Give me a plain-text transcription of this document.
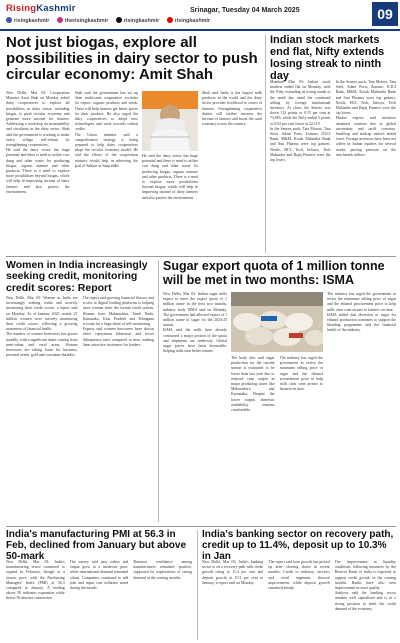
RisingKashmir
risingkashmir	therisingkashmir	risingkashmir	risingkashmir
Srinagar, Tuesday 04 March 2025	09
Not just biogas, explore all possibilities in dairy sector to push circular economy: Amit Shah

New Delhi, Mar 03: Cooperation Minister Amit Shah on Monday asked dairy cooperatives to explore all possibilities in dairy sector, including biogas, to push circular economy and generate more income for farmers. Addressing a workshop on sustainability and circularity in the dairy sector, Shah said the government is working to make every village self-reliant by strengthening cooperatives.

He said the dairy sector has huge potential and there is need to utilise cow dung and other waste for producing biogas, organic manure and other products. There is a need to explore more possibilities beyond biogas, which will help in improving income of dairy farmers and also protect the environment.

Shah said the government has set up three multi-state cooperative societies for export, organic products and seeds. These will help farmers get better prices for their produce. He also urged the dairy cooperatives to adopt new technologies and work towards carbon credits.

The Union minister said a comprehensive strategy is being prepared to help dairy cooperatives adopt the circular economy model. He said the efforts of the cooperation ministry would help in achieving the goal of Sahkar se Samriddhi.

Shah said India is the largest milk producer in the world and the dairy sector provides livelihood to crores of farmers. Strengthening cooperative dairies will further increase the income of farmers and boost the rural economy across the country.

He said the dairy sector has huge potential and there is need to utilise cow dung and other waste for producing biogas, organic manure and other products. There is a need to explore more possibilities beyond biogas, which will help in improving income of dairy farmers and also protect the environment.

Indian stock markets end flat, Nifty extends losing streak to ninth day

Mumbai, Mar 03: Indian stock markets ended flat on Monday, with the Nifty extending its losing streak to the ninth day amid the continued selling by foreign institutional investors. At close, the Sensex was down 112 points or 0.15 per cent at 73,085, while the Nifty ended 5 points or 0.02 per cent lower at 22,119.

In the Sensex pack, Tata Motors, Tata Steel, Adani Ports, Zomato, ICICI Bank, M&M, Kotak Mahindra Bank and Sun Pharma were top gainers. Nestle, HCL Tech, Infosys, Tech Mahindra and Bajaj Finance were the top losers.

In the Sensex pack, Tata Motors, Tata Steel, Adani Ports, Zomato, ICICI Bank, M&M, Kotak Mahindra Bank and Sun Pharma were top gainers. Nestle, HCL Tech, Infosys, Tech Mahindra and Bajaj Finance were the top losers.

Market experts said investors remained cautious due to global uncertainty and tariff concerns. Smallcap and midcap indices ended lower. Foreign investors have been net sellers in Indian equities for several weeks, putting pressure on the benchmark indices.

Women in India increasingly seeking credit, monitoring credit scores: Report

New Delhi, Mar 03: Women in India are increasingly seeking credit and actively monitoring their credit scores, a report said on Monday. As of January 2025, nearly 27 million women were actively monitoring their credit scores, reflecting a growing awareness of financial health.

The number of women borrowers has grown steadily, with a significant share coming from semi-urban and rural areas. Women borrowers are taking loans for business, personal needs, gold and consumer durables.

The report said growing financial literacy and access to digital lending platforms is helping more women enter the formal credit system. Women from Maharashtra, Tamil Nadu, Karnataka, Uttar Pradesh and Telangana account for a large share of self-monitoring.

Experts said women borrowers have shown better repayment behaviour and lower delinquency rates compared to men, making them attractive customers for lenders.

Sugar export quota of 1 million tonne will be met in two months: ISMA

New Delhi, Mar 03: Indian sugar mills expect to meet the export quota of 1 million tonne in the next two months, industry body ISMA said on Monday. The government had allowed export of 1 million tonne of sugar for the 2024-25 season.

ISMA said the mills have already contracted a major portion of the quota and shipments are underway. Global sugar prices have been favourable, helping mills earn better returns.

The industry has urged the government to revise the minimum selling price of sugar and the ethanol procurement price to help mills clear cane arrears to farmers on time.

ISMA added that diversion of sugar for ethanol production continues to support the blending programme and the financial health of the industry.

The body also said sugar production for the current season is estimated to be lower than last year due to reduced cane output in major producing states like Maharashtra and Karnataka. Despite the lower output, domestic availability remains comfortable.

The industry has urged the government to revise the minimum selling price of sugar and the ethanol procurement price to help mills clear cane arrears to farmers on time.

India's manufacturing PMI at 56.3 in Feb, declined from January but above 50-mark

New Delhi, Mar 03: India's manufacturing sector continued to expand in February, though at a slower pace, with the Purchasing Managers' Index (PMI) at 56.3 compared to January. A reading above 50 indicates expansion while below 50 denotes contraction.

The survey said new orders and output grew at a moderate pace, while international demand remained robust. Companies continued to add jobs and input cost inflation eased during the month.

Business confidence among manufacturers remained positive, supported by expectations of strong demand in the coming months.

India's banking sector on recovery path, credit up to 11.4%, deposit up to 10.3% in Jan

New Delhi, Mar 03: India's banking sector is on a recovery path with credit growth rising to 11.4 per cent and deposit growth at 10.3 per cent in January, a report said on Monday.

The report said loan growth has picked up after slowing down in recent months. Credit to industry, services and retail segments showed improvement, while deposit growth remained steady.

The improvement in liquidity conditions following measures by the Reserve Bank of India is expected to support credit growth in the coming months. Banks have also seen improvement in asset quality.

Analysts said the banking sector remains well capitalised and is in a strong position to meet the credit demand of the economy.
